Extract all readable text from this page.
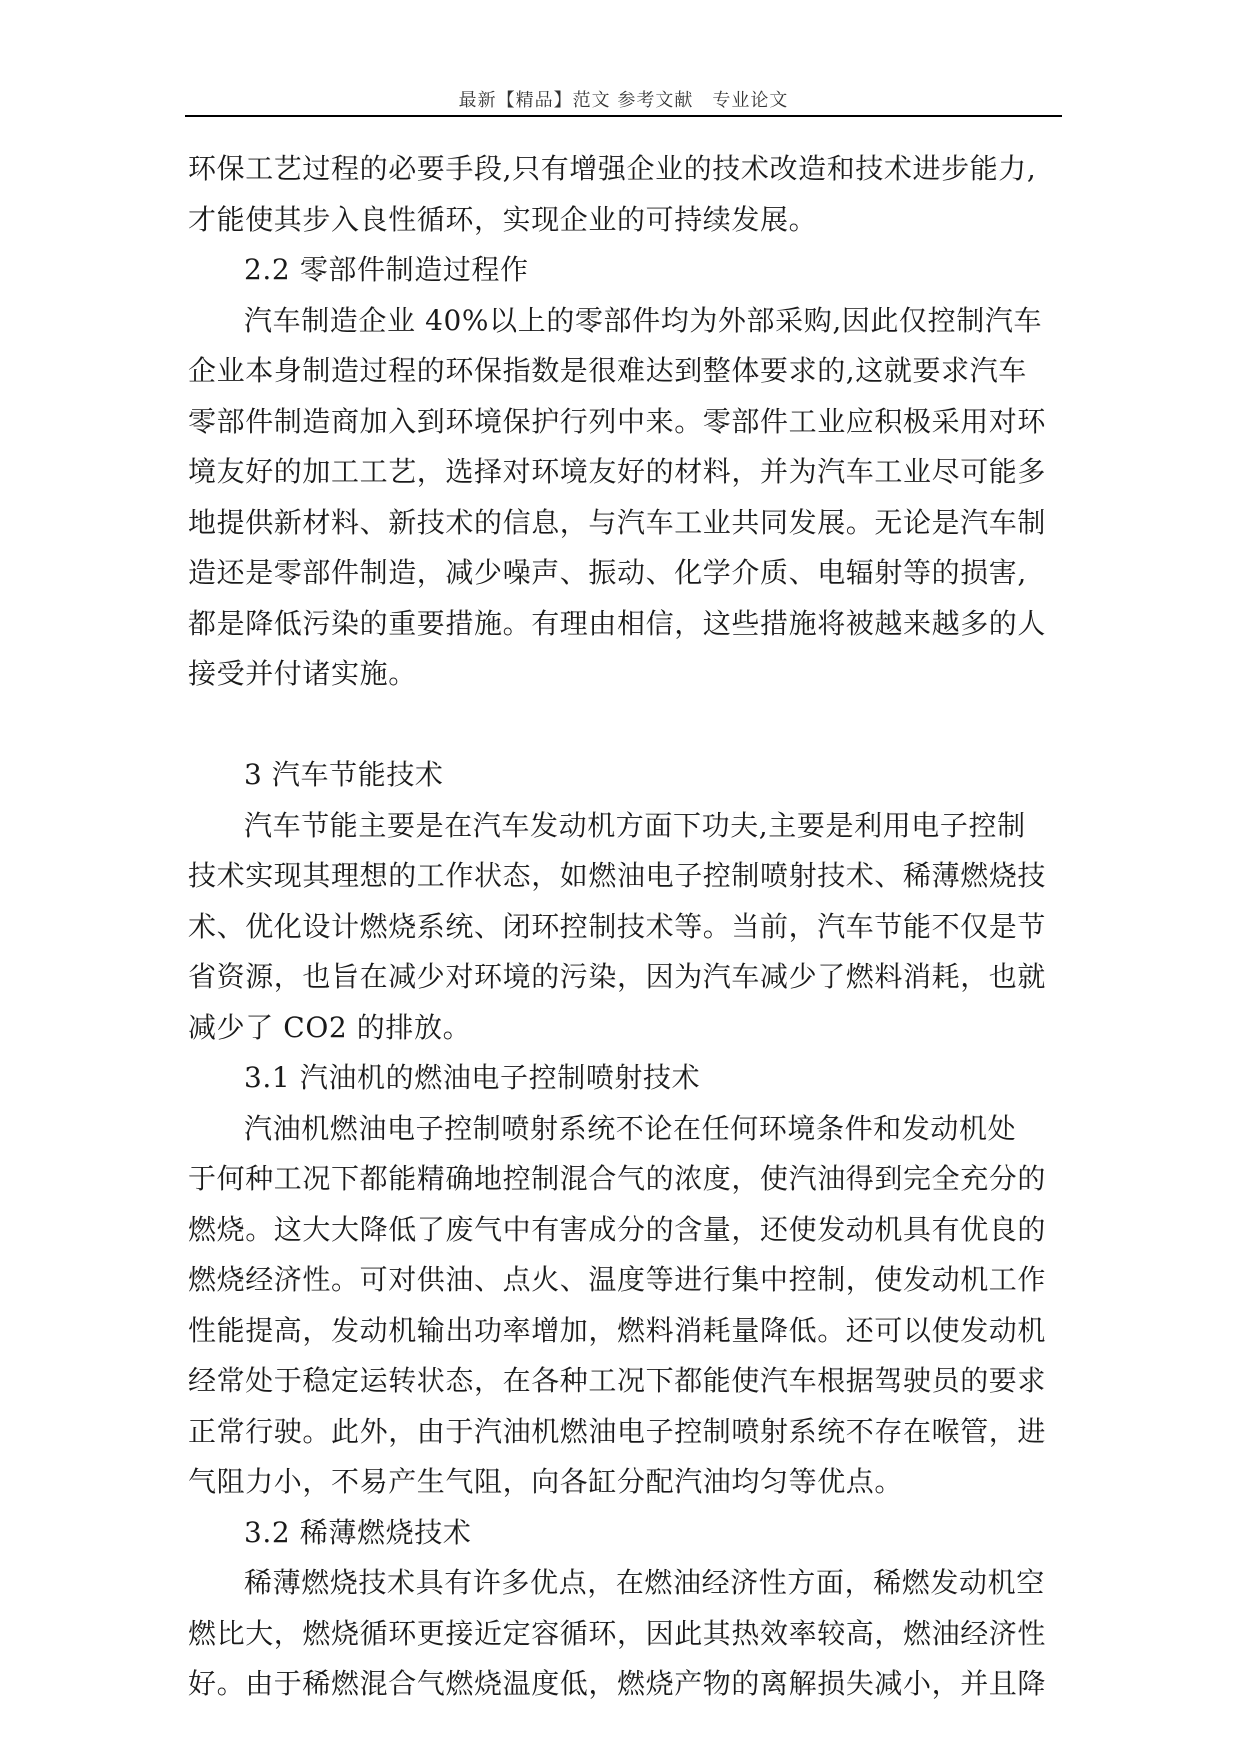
最新【精品】范文 参考文献　专业论文
环保工艺过程的必要手段,只有增强企业的技术改造和技术进步能力,
才能使其步入良性循环，实现企业的可持续发展。
2.2 零部件制造过程作
汽车制造企业 40%以上的零部件均为外部采购,因此仅控制汽车
企业本身制造过程的环保指数是很难达到整体要求的,这就要求汽车
零部件制造商加入到环境保护行列中来。零部件工业应积极采用对环
境友好的加工工艺，选择对环境友好的材料，并为汽车工业尽可能多
地提供新材料、新技术的信息，与汽车工业共同发展。无论是汽车制
造还是零部件制造，减少噪声、振动、化学介质、电辐射等的损害,
都是降低污染的重要措施。有理由相信，这些措施将被越来越多的人
接受并付诸实施。
3 汽车节能技术
汽车节能主要是在汽车发动机方面下功夫,主要是利用电子控制
技术实现其理想的工作状态，如燃油电子控制喷射技术、稀薄燃烧技
术、优化设计燃烧系统、闭环控制技术等。当前，汽车节能不仅是节
省资源，也旨在减少对环境的污染，因为汽车减少了燃料消耗，也就
减少了 CO2 的排放。
3.1 汽油机的燃油电子控制喷射技术
汽油机燃油电子控制喷射系统不论在任何环境条件和发动机处
于何种工况下都能精确地控制混合气的浓度，使汽油得到完全充分的
燃烧。这大大降低了废气中有害成分的含量，还使发动机具有优良的
燃烧经济性。可对供油、点火、温度等进行集中控制，使发动机工作
性能提高，发动机输出功率增加，燃料消耗量降低。还可以使发动机
经常处于稳定运转状态，在各种工况下都能使汽车根据驾驶员的要求
正常行驶。此外，由于汽油机燃油电子控制喷射系统不存在喉管，进
气阻力小，不易产生气阻，向各缸分配汽油均匀等优点。
3.2 稀薄燃烧技术
稀薄燃烧技术具有许多优点，在燃油经济性方面，稀燃发动机空
燃比大，燃烧循环更接近定容循环，因此其热效率较高，燃油经济性
好。由于稀燃混合气燃烧温度低，燃烧产物的离解损失减小，并且降
